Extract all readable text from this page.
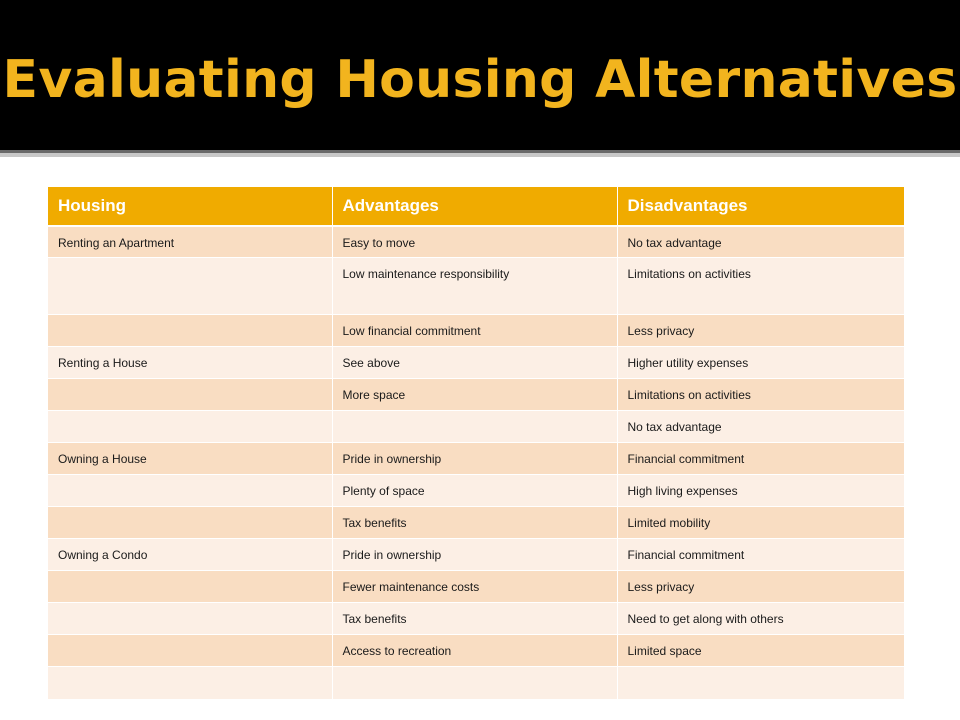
Evaluating Housing Alternatives
Housing	Advantages	Disadvantages
Renting an Apartment	Easy to move	No tax advantage
	Low maintenance responsibility	Limitations on activities
	Low financial commitment	Less privacy
Renting a House	See above	Higher utility expenses
	More space	Limitations on activities
		No tax advantage
Owning a House	Pride in ownership	Financial commitment
	Plenty of space	High living expenses
	Tax benefits	Limited mobility
Owning a Condo	Pride in ownership	Financial commitment
	Fewer maintenance costs	Less privacy
	Tax benefits	Need to get along with others
	Access to recreation	Limited space
